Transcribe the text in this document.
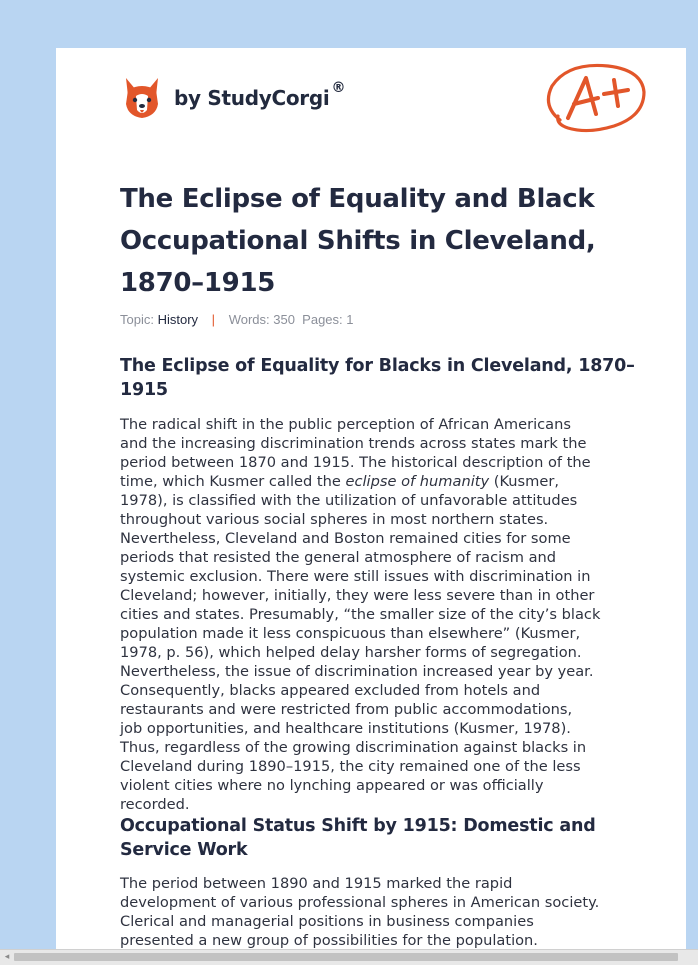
by StudyCorgi ®
A+
The Eclipse of Equality and Black
Occupational Shifts in Cleveland,
1870–1915
Topic: History | Words: 350 Pages: 1
The Eclipse of Equality for Blacks in Cleveland, 1870–
1915

The radical shift in the public perception of African Americans
and the increasing discrimination trends across states mark the
period between 1870 and 1915. The historical description of the
time, which Kusmer called the eclipse of humanity (Kusmer,
1978), is classified with the utilization of unfavorable attitudes
throughout various social spheres in most northern states.
Nevertheless, Cleveland and Boston remained cities for some
periods that resisted the general atmosphere of racism and
systemic exclusion. There were still issues with discrimination in
Cleveland; however, initially, they were less severe than in other
cities and states. Presumably, “the smaller size of the city’s black
population made it less conspicuous than elsewhere” (Kusmer,
1978, p. 56), which helped delay harsher forms of segregation.
Nevertheless, the issue of discrimination increased year by year.
Consequently, blacks appeared excluded from hotels and
restaurants and were restricted from public accommodations,
job opportunities, and healthcare institutions (Kusmer, 1978).
Thus, regardless of the growing discrimination against blacks in
Cleveland during 1890–1915, the city remained one of the less
violent cities where no lynching appeared or was officially
recorded.

Occupational Status Shift by 1915: Domestic and
Service Work

The period between 1890 and 1915 marked the rapid
development of various professional spheres in American society.
Clerical and managerial positions in business companies
presented a new group of possibilities for the population.

◂
